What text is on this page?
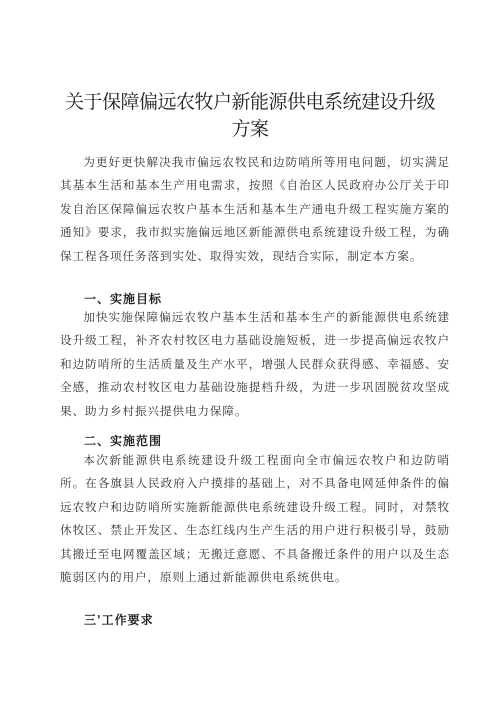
关于保障偏远农牧户新能源供电系统建设升级
方案

为更好更快解决我市偏远农牧民和边防哨所等用电问题，切实满足其基本生活和基本生产用电需求，按照《自治区人民政府办公厅关于印发自治区保障偏远农牧户基本生活和基本生产通电升级工程实施方案的通知》要求，我市拟实施偏远地区新能源供电系统建设升级工程，为确保工程各项任务落到实处、取得实效，现结合实际，制定本方案。

一、实施目标

加快实施保障偏远农牧户基本生活和基本生产的新能源供电系统建设升级工程，补齐农村牧区电力基础设施短板，进一步提高偏远农牧户和边防哨所的生活质量及生产水平，增强人民群众获得感、幸福感、安全感，推动农村牧区电力基础设施提档升级，为进一步巩固脱贫攻坚成果、助力乡村振兴提供电力保障。

二、实施范围

本次新能源供电系统建设升级工程面向全市偏远农牧户和边防哨所。在各旗县人民政府入户摸排的基础上，对不具备电网延伸条件的偏远农牧户和边防哨所实施新能源供电系统建设升级工程。同时，对禁牧休牧区、禁止开发区、生态红线内生产生活的用户进行积极引导，鼓励其搬迁至电网覆盖区域；无搬迁意愿、不具备搬迁条件的用户以及生态脆弱区内的用户，原则上通过新能源供电系统供电。

三'工作要求
